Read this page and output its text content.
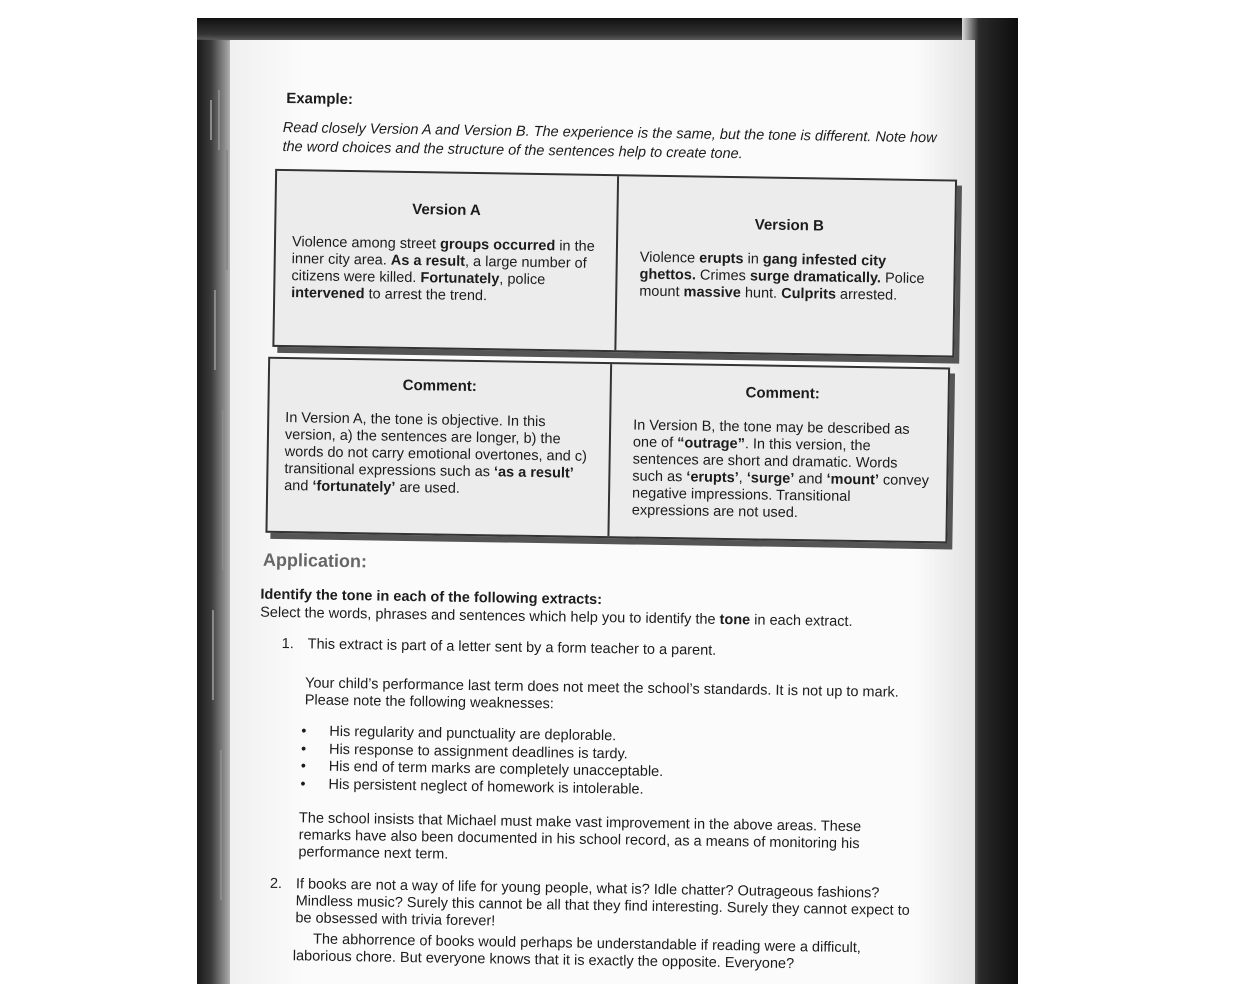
Example:
Read closely Version A and Version B. The experience is the same, but the tone is different. Note how the word choices and the structure of the sentences help to create tone.
Version A
Violence among street groups occurred in the inner city area. As a result, a large number of citizens were killed. Fortunately, police intervened to arrest the trend.
Version B
Violence erupts in gang infested city ghettos. Crimes surge dramatically. Police mount massive hunt. Culprits arrested.
Comment:
In Version A, the tone is objective. In this version, a) the sentences are longer, b) the words do not carry emotional overtones, and c) transitional expressions such as ‘as a result’ and ‘fortunately’ are used.
Comment:
In Version B, the tone may be described as one of “outrage”. In this version, the sentences are short and dramatic. Words such as ‘erupts’, ‘surge’ and ‘mount’ convey negative impressions. Transitional expressions are not used.
Application:
Identify the tone in each of the following extracts:
Select the words, phrases and sentences which help you to identify the tone in each extract.
1. This extract is part of a letter sent by a form teacher to a parent.
Your child’s performance last term does not meet the school’s standards. It is not up to mark. Please note the following weaknesses:
• His regularity and punctuality are deplorable.
• His response to assignment deadlines is tardy.
• His end of term marks are completely unacceptable.
• His persistent neglect of homework is intolerable.
The school insists that Michael must make vast improvement in the above areas. These remarks have also been documented in his school record, as a means of monitoring his performance next term.
2. If books are not a way of life for young people, what is? Idle chatter? Outrageous fashions? Mindless music? Surely this cannot be all that they find interesting. Surely they cannot expect to be obsessed with trivia forever!
The abhorrence of books would perhaps be understandable if reading were a difficult, laborious chore. But everyone knows that it is exactly the opposite. Everyone?
